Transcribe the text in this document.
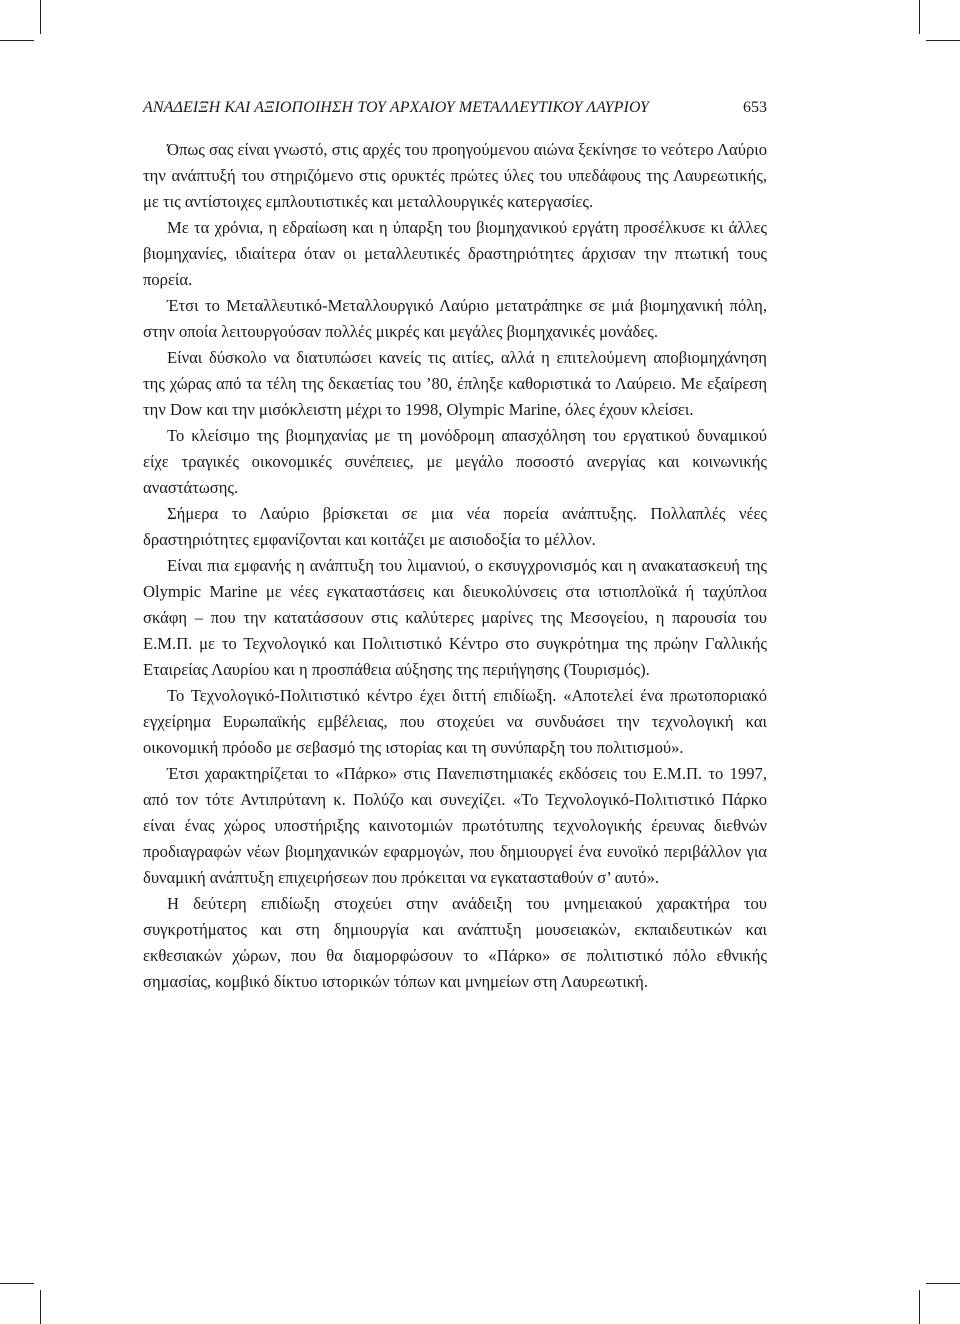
ΑΝΑΔΕΙΞΗ ΚΑΙ ΑΞΙΟΠΟΙΗΣΗ ΤΟΥ ΑΡΧΑΙΟΥ ΜΕΤΑΛΛΕΥΤΙΚΟΥ ΛΑΥΡΙΟΥ	653

Όπως σας είναι γνωστό, στις αρχές του προηγούμενου αιώνα ξεκίνησε το νεότερο Λαύριο την ανάπτυξή του στηριζόμενο στις ορυκτές πρώτες ύλες του υπεδάφους της Λαυρεωτικής, με τις αντίστοιχες εμπλουτιστικές και μεταλλουργικές κατεργασίες.

Με τα χρόνια, η εδραίωση και η ύπαρξη του βιομηχανικού εργάτη προσέλκυσε κι άλλες βιομηχανίες, ιδιαίτερα όταν οι μεταλλευτικές δραστηριότητες άρχισαν την πτωτική τους πορεία.

Έτσι το Μεταλλευτικό-Μεταλλουργικό Λαύριο μετατράπηκε σε μιά βιομηχανική πόλη, στην οποία λειτουργούσαν πολλές μικρές και μεγάλες βιομηχανικές μονάδες.

Είναι δύσκολο να διατυπώσει κανείς τις αιτίες, αλλά η επιτελούμενη αποβιομηχάνηση της χώρας από τα τέλη της δεκαετίας του ’80, έπληξε καθοριστικά το Λαύρειο. Με εξαίρεση την Dow και την μισόκλειστη μέχρι το 1998, Olympic Marine, όλες έχουν κλείσει.

Το κλείσιμο της βιομηχανίας με τη μονόδρομη απασχόληση του εργατικού δυναμικού είχε τραγικές οικονομικές συνέπειες, με μεγάλο ποσοστό ανεργίας και κοινωνικής αναστάτωσης.

Σήμερα το Λαύριο βρίσκεται σε μια νέα πορεία ανάπτυξης. Πολλαπλές νέες δραστηριότητες εμφανίζονται και κοιτάζει με αισιοδοξία το μέλλον.

Είναι πια εμφανής η ανάπτυξη του λιμανιού, ο εκσυγχρονισμός και η ανακατασκευή της Olympic Marine με νέες εγκαταστάσεις και διευκολύνσεις στα ιστιοπλοϊκά ή ταχύπλοα σκάφη – που την κατατάσσουν στις καλύτερες μαρίνες της Μεσογείου, η παρουσία του Ε.Μ.Π. με το Τεχνολογικό και Πολιτιστικό Κέντρο στο συγκρότημα της πρώην Γαλλικής Εταιρείας Λαυρίου και η προσπάθεια αύξησης της περιήγησης (Τουρισμός).

Το Τεχνολογικό-Πολιτιστικό κέντρο έχει διττή επιδίωξη. «Αποτελεί ένα πρωτοποριακό εγχείρημα Ευρωπαϊκής εμβέλειας, που στοχεύει να συνδυάσει την τεχνολογική και οικονομική πρόοδο με σεβασμό της ιστορίας και τη συνύπαρξη του πολιτισμού».

Έτσι χαρακτηρίζεται το «Πάρκο» στις Πανεπιστημιακές εκδόσεις του Ε.Μ.Π. το 1997, από τον τότε Αντιπρύτανη κ. Πολύζο και συνεχίζει. «Το Τεχνολογικό-Πολιτιστικό Πάρκο είναι ένας χώρος υποστήριξης καινοτομιών πρωτότυπης τεχνολογικής έρευνας διεθνών προδιαγραφών νέων βιομηχανικών εφαρμογών, που δημιουργεί ένα ευνοϊκό περιβάλλον για δυναμική ανάπτυξη επιχειρήσεων που πρόκειται να εγκατασταθούν σ’ αυτό».

Η δεύτερη επιδίωξη στοχεύει στην ανάδειξη του μνημειακού χαρακτήρα του συγκροτήματος και στη δημιουργία και ανάπτυξη μουσειακών, εκπαιδευτικών και εκθεσιακών χώρων, που θα διαμορφώσουν το «Πάρκο» σε πολιτιστικό πόλο εθνικής σημασίας, κομβικό δίκτυο ιστορικών τόπων και μνημείων στη Λαυρεωτική.
